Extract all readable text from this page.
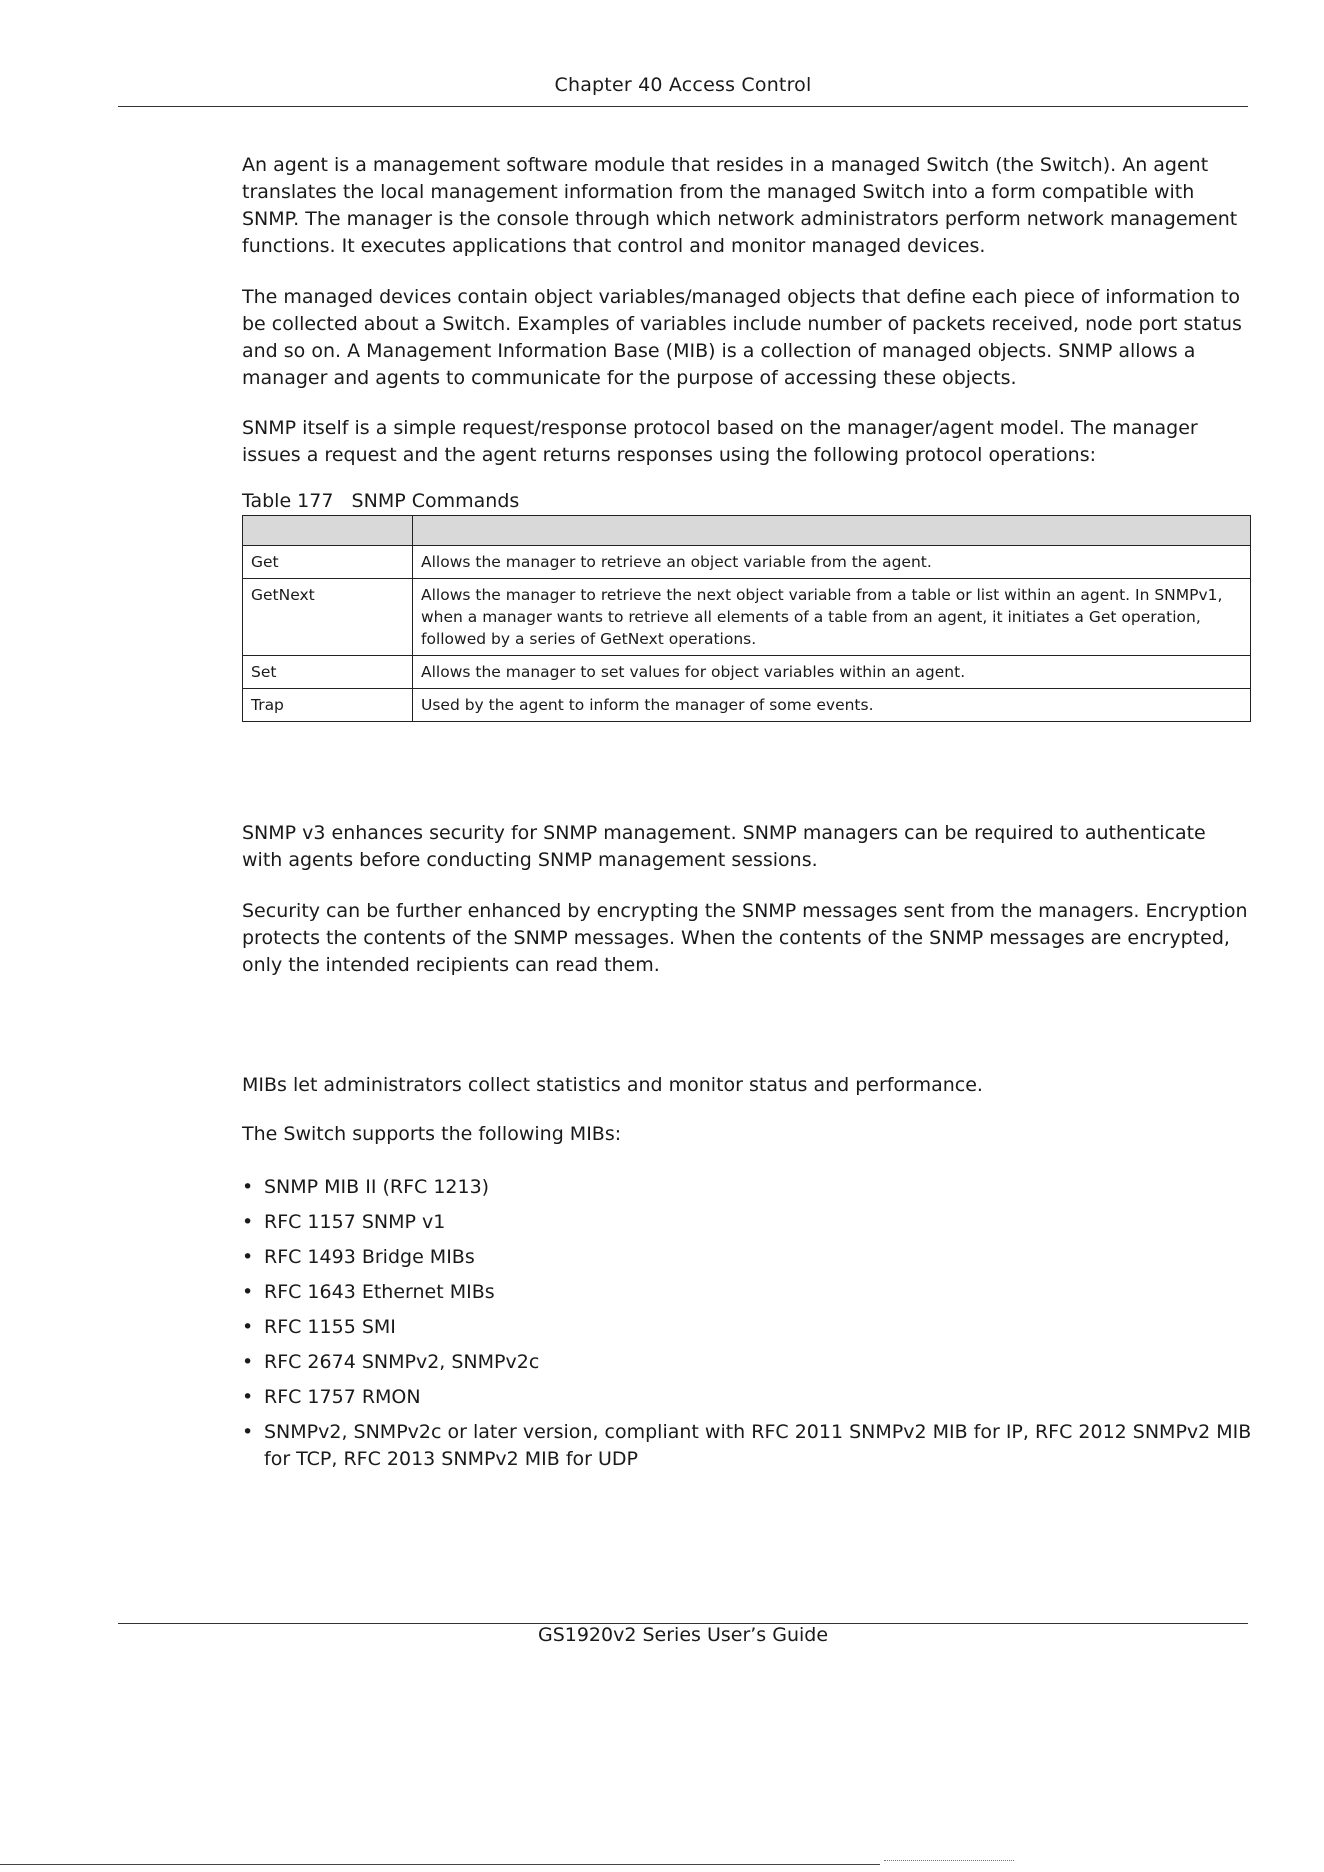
Chapter 40 Access Control

An agent is a management software module that resides in a managed Switch (the Switch). An agent translates the local management information from the managed Switch into a form compatible with SNMP. The manager is the console through which network administrators perform network management functions. It executes applications that control and monitor managed devices.

The managed devices contain object variables/managed objects that define each piece of information to be collected about a Switch. Examples of variables include number of packets received, node port status and so on. A Management Information Base (MIB) is a collection of managed objects. SNMP allows a manager and agents to communicate for the purpose of accessing these objects.

SNMP itself is a simple request/response protocol based on the manager/agent model. The manager issues a request and the agent returns responses using the following protocol operations:

Table 177   SNMP Commands

Get	Allows the manager to retrieve an object variable from the agent.
GetNext	Allows the manager to retrieve the next object variable from a table or list within an agent. In SNMPv1, when a manager wants to retrieve all elements of a table from an agent, it initiates a Get operation, followed by a series of GetNext operations.
Set	Allows the manager to set values for object variables within an agent.
Trap	Used by the agent to inform the manager of some events.

SNMP v3 enhances security for SNMP management. SNMP managers can be required to authenticate with agents before conducting SNMP management sessions.

Security can be further enhanced by encrypting the SNMP messages sent from the managers. Encryption protects the contents of the SNMP messages. When the contents of the SNMP messages are encrypted, only the intended recipients can read them.

MIBs let administrators collect statistics and monitor status and performance.

The Switch supports the following MIBs:

• SNMP MIB II (RFC 1213)
• RFC 1157 SNMP v1
• RFC 1493 Bridge MIBs
• RFC 1643 Ethernet MIBs
• RFC 1155 SMI
• RFC 2674 SNMPv2, SNMPv2c
• RFC 1757 RMON
• SNMPv2, SNMPv2c or later version, compliant with RFC 2011 SNMPv2 MIB for IP, RFC 2012 SNMPv2 MIB for TCP, RFC 2013 SNMPv2 MIB for UDP
GS1920v2 Series User’s Guide
